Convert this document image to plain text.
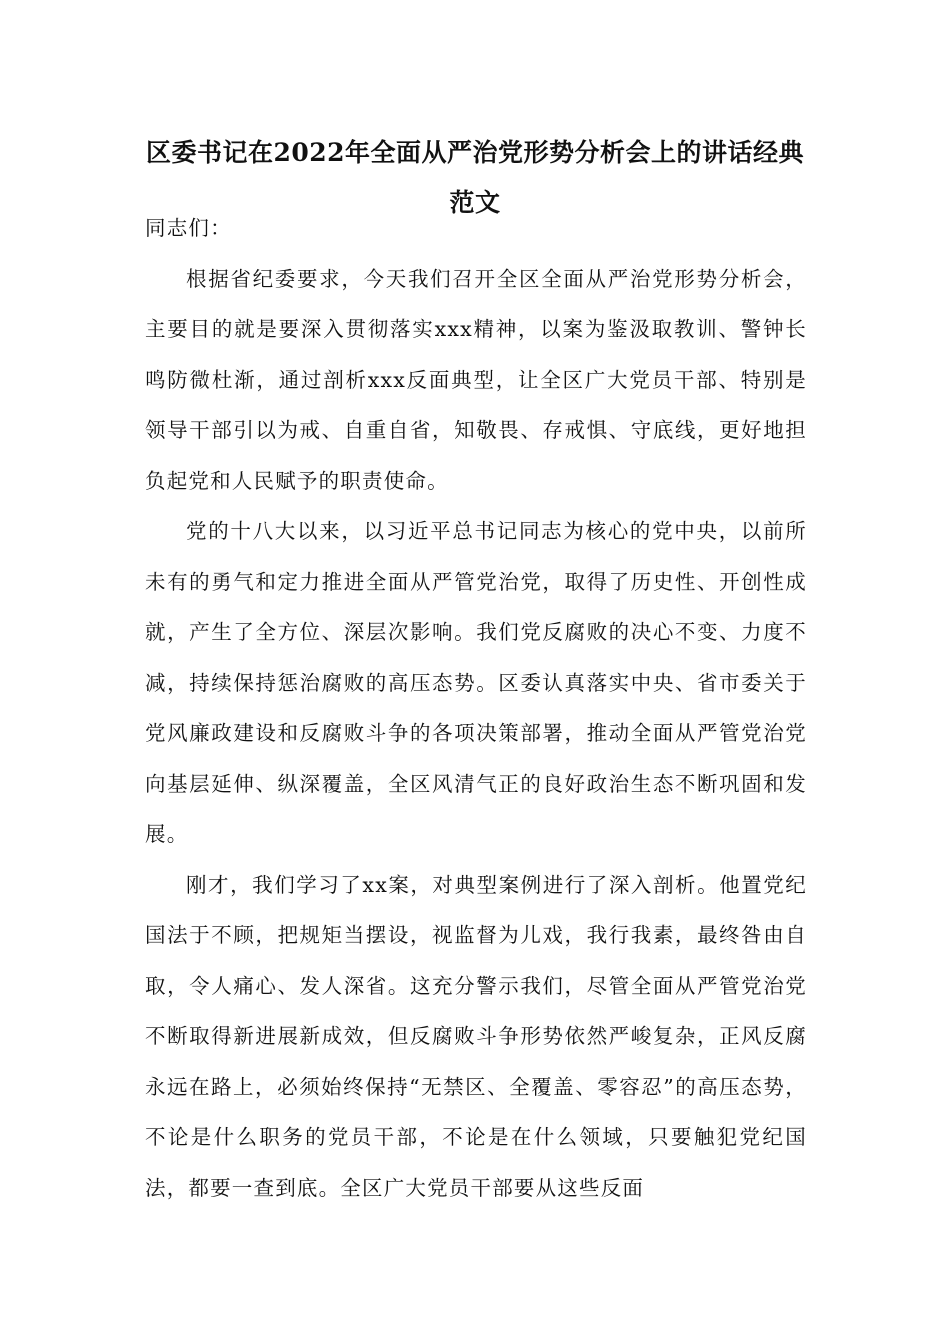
区委书记在2022年全面从严治党形势分析会上的讲话经典范文

同志们：

根据省纪委要求，今天我们召开全区全面从严治党形势分析会，主要目的就是要深入贯彻落实xxx精神，以案为鉴汲取教训、警钟长鸣防微杜渐，通过剖析xxx反面典型，让全区广大党员干部、特别是领导干部引以为戒、自重自省，知敬畏、存戒惧、守底线，更好地担负起党和人民赋予的职责使命。

党的十八大以来，以习近平总书记同志为核心的党中央，以前所未有的勇气和定力推进全面从严管党治党，取得了历史性、开创性成就，产生了全方位、深层次影响。我们党反腐败的决心不变、力度不减，持续保持惩治腐败的高压态势。区委认真落实中央、省市委关于党风廉政建设和反腐败斗争的各项决策部署，推动全面从严管党治党向基层延伸、纵深覆盖，全区风清气正的良好政治生态不断巩固和发展。

刚才，我们学习了xx案，对典型案例进行了深入剖析。他置党纪国法于不顾，把规矩当摆设，视监督为儿戏，我行我素，最终咎由自取，令人痛心、发人深省。这充分警示我们，尽管全面从严管党治党不断取得新进展新成效，但反腐败斗争形势依然严峻复杂，正风反腐永远在路上，必须始终保持“无禁区、全覆盖、零容忍”的高压态势，不论是什么职务的党员干部，不论是在什么领域，只要触犯党纪国法，都要一查到底。全区广大党员干部要从这些反面
